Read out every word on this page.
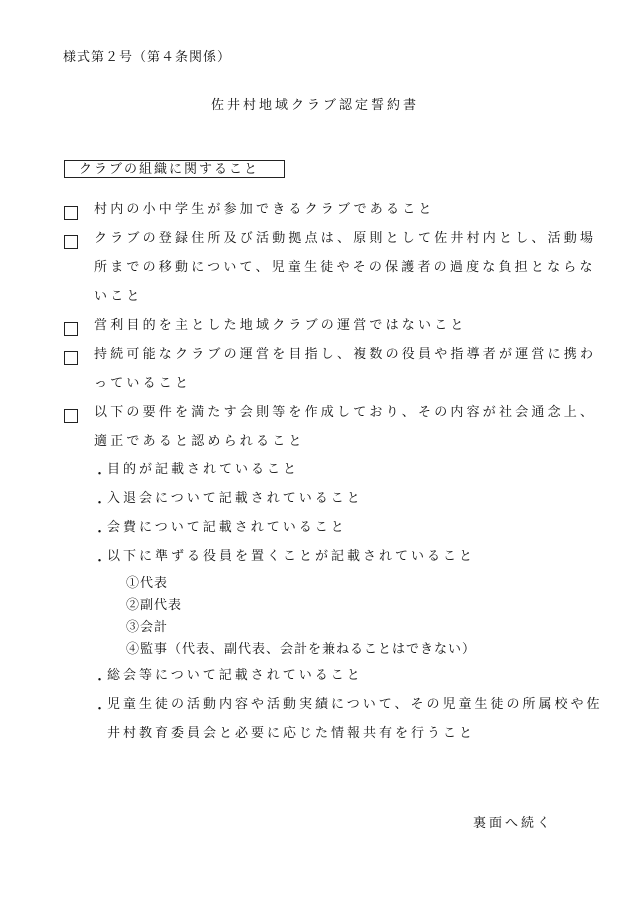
様式第２号（第４条関係）
佐井村地域クラブ認定誓約書
クラブの組織に関すること
村内の小中学生が参加できるクラブであること
クラブの登録住所及び活動拠点は、原則として佐井村内とし、活動場所までの移動について、児童生徒やその保護者の過度な負担とならないこと
営利目的を主とした地域クラブの運営ではないこと
持続可能なクラブの運営を目指し、複数の役員や指導者が運営に携わっていること
以下の要件を満たす会則等を作成しており、その内容が社会通念上、適正であると認められること
・
目的が記載されていること
・
入退会について記載されていること
・
会費について記載されていること
・
以下に準ずる役員を置くことが記載されていること
①代表
②副代表
③会計
④監事（代表、副代表、会計を兼ねることはできない）
・
総会等について記載されていること
・
児童生徒の活動内容や活動実績について、その児童生徒の所属校や佐井村教育委員会と必要に応じた情報共有を行うこと
裏面へ続く
